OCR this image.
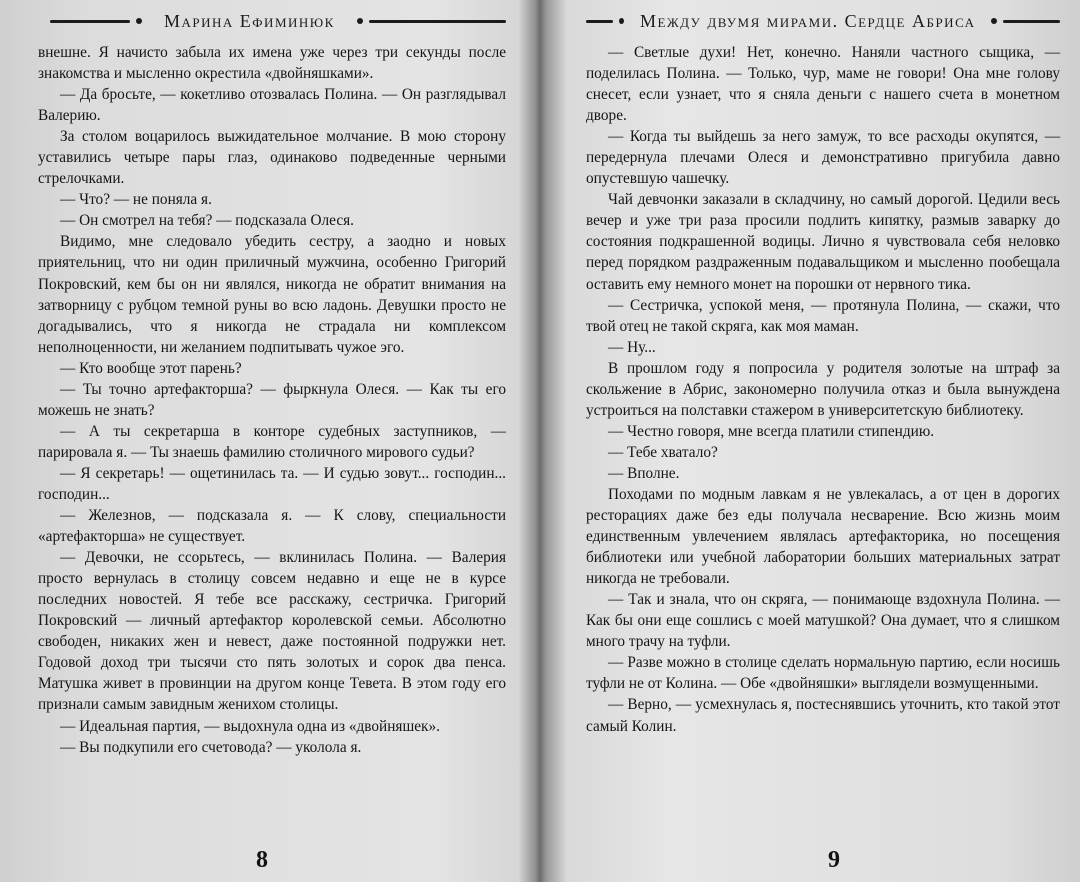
Марина Ефиминюк

внешне. Я начисто забыла их имена уже через три секунды после знакомства и мысленно окрестила «двойняшками».

— Да бросьте, — кокетливо отозвалась Полина. — Он разглядывал Валерию.

За столом воцарилось выжидательное молчание. В мою сторону уставились четыре пары глаз, одинаково подведенные черными стрелочками.

— Что? — не поняла я.

— Он смотрел на тебя? — подсказала Олеся.

Видимо, мне следовало убедить сестру, а заодно и новых приятельниц, что ни один приличный мужчина, особенно Григорий Покровский, кем бы он ни являлся, никогда не обратит внимания на затворницу с рубцом темной руны во всю ладонь. Девушки просто не догадывались, что я никогда не страдала ни комплексом неполноценности, ни желанием подпитывать чужое эго.

— Кто вообще этот парень?

— Ты точно артефакторша? — фыркнула Олеся. — Как ты его можешь не знать?

— А ты секретарша в конторе судебных заступников, — парировала я. — Ты знаешь фамилию столичного мирового судьи?

— Я секретарь! — ощетинилась та. — И судью зовут... господин... господин...

— Железнов, — подсказала я. — К слову, специальности «артефакторша» не существует.

— Девочки, не ссорьтесь, — вклинилась Полина. — Валерия просто вернулась в столицу совсем недавно и еще не в курсе последних новостей. Я тебе все расскажу, сестричка. Григорий Покровский — личный артефактор королевской семьи. Абсолютно свободен, никаких жен и невест, даже постоянной подружки нет. Годовой доход три тысячи сто пять золотых и сорок два пенса. Матушка живет в провинции на другом конце Тевета. В этом году его признали самым завидным женихом столицы.

— Идеальная партия, — выдохнула одна из «двойняшек».

— Вы подкупили его счетовода? — уколола я.

8
Между двумя мирами. Сердце Абриса

— Светлые духи! Нет, конечно. Наняли частного сыщика, — поделилась Полина. — Только, чур, маме не говори! Она мне голову снесет, если узнает, что я сняла деньги с нашего счета в монетном дворе.

— Когда ты выйдешь за него замуж, то все расходы окупятся, — передернула плечами Олеся и демонстративно пригубила давно опустевшую чашечку.

Чай девчонки заказали в складчину, но самый дорогой. Цедили весь вечер и уже три раза просили подлить кипятку, размыв заварку до состояния подкрашенной водицы. Лично я чувствовала себя неловко перед порядком раздраженным подавальщиком и мысленно пообещала оставить ему немного монет на порошки от нервного тика.

— Сестричка, успокой меня, — протянула Полина, — скажи, что твой отец не такой скряга, как моя маман.

— Ну...

В прошлом году я попросила у родителя золотые на штраф за скольжение в Абрис, закономерно получила отказ и была вынуждена устроиться на полставки стажером в университетскую библиотеку.

— Честно говоря, мне всегда платили стипендию.

— Тебе хватало?

— Вполне.

Походами по модным лавкам я не увлекалась, а от цен в дорогих ресторациях даже без еды получала несварение. Всю жизнь моим единственным увлечением являлась артефакторика, но посещения библиотеки или учебной лаборатории больших материальных затрат никогда не требовали.

— Так и знала, что он скряга, — понимающе вздохнула Полина. — Как бы они еще сошлись с моей матушкой? Она думает, что я слишком много трачу на туфли.

— Разве можно в столице сделать нормальную партию, если носишь туфли не от Колина. — Обе «двойняшки» выглядели возмущенными.

— Верно, — усмехнулась я, постеснявшись уточнить, кто такой этот самый Колин.

9
